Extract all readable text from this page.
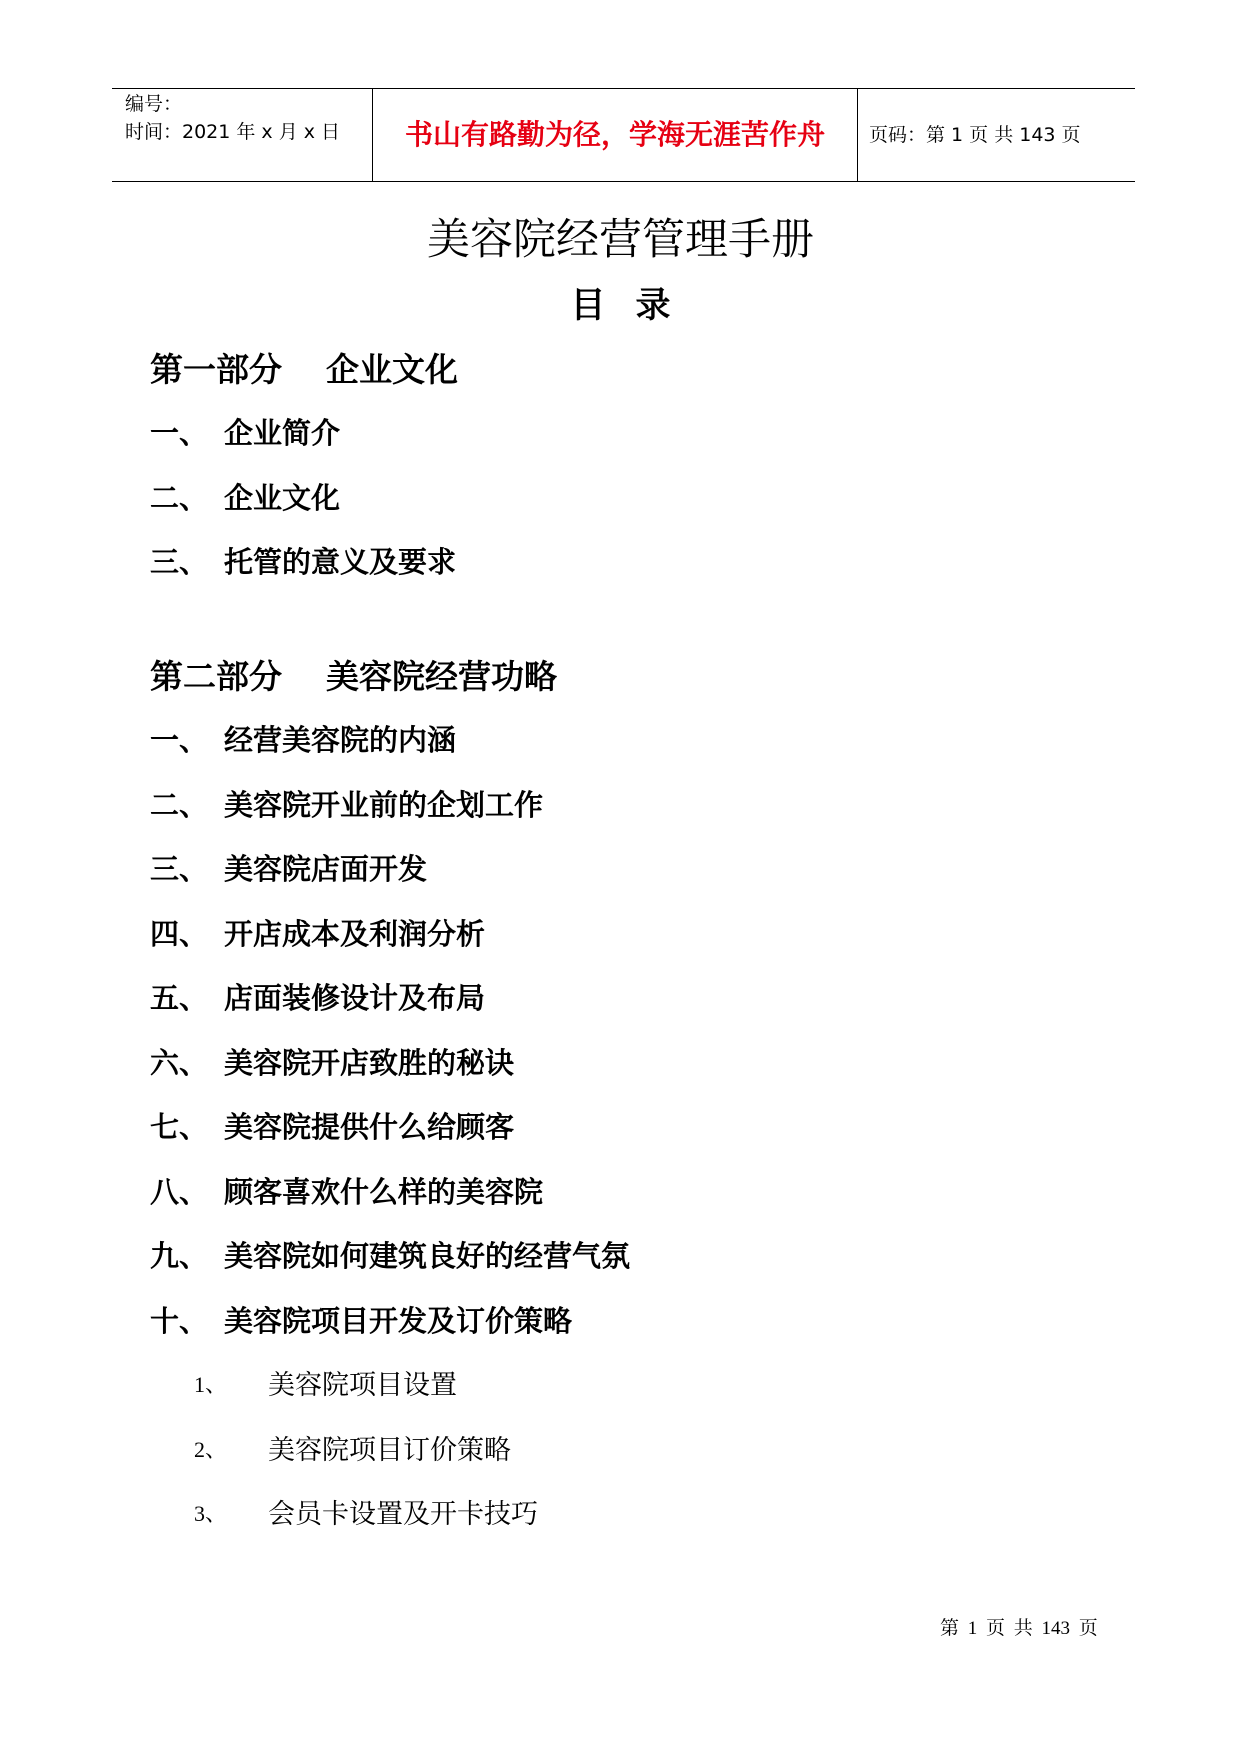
编号：
时间：2021 年 x 月 x 日	书山有路勤为径，学海无涯苦作舟	页码：第 1 页 共 143 页
美容院经营管理手册
目录
第一部分 企业文化
一、 企业简介
二、 企业文化
三、 托管的意义及要求
第二部分 美容院经营功略
一、 经营美容院的内涵
二、 美容院开业前的企划工作
三、 美容院店面开发
四、 开店成本及利润分析
五、 店面装修设计及布局
六、 美容院开店致胜的秘诀
七、 美容院提供什么给顾客
八、 顾客喜欢什么样的美容院
九、 美容院如何建筑良好的经营气氛
十、 美容院项目开发及订价策略
1、 美容院项目设置
2、 美容院项目订价策略
3、 会员卡设置及开卡技巧
第 1 页 共 143 页
